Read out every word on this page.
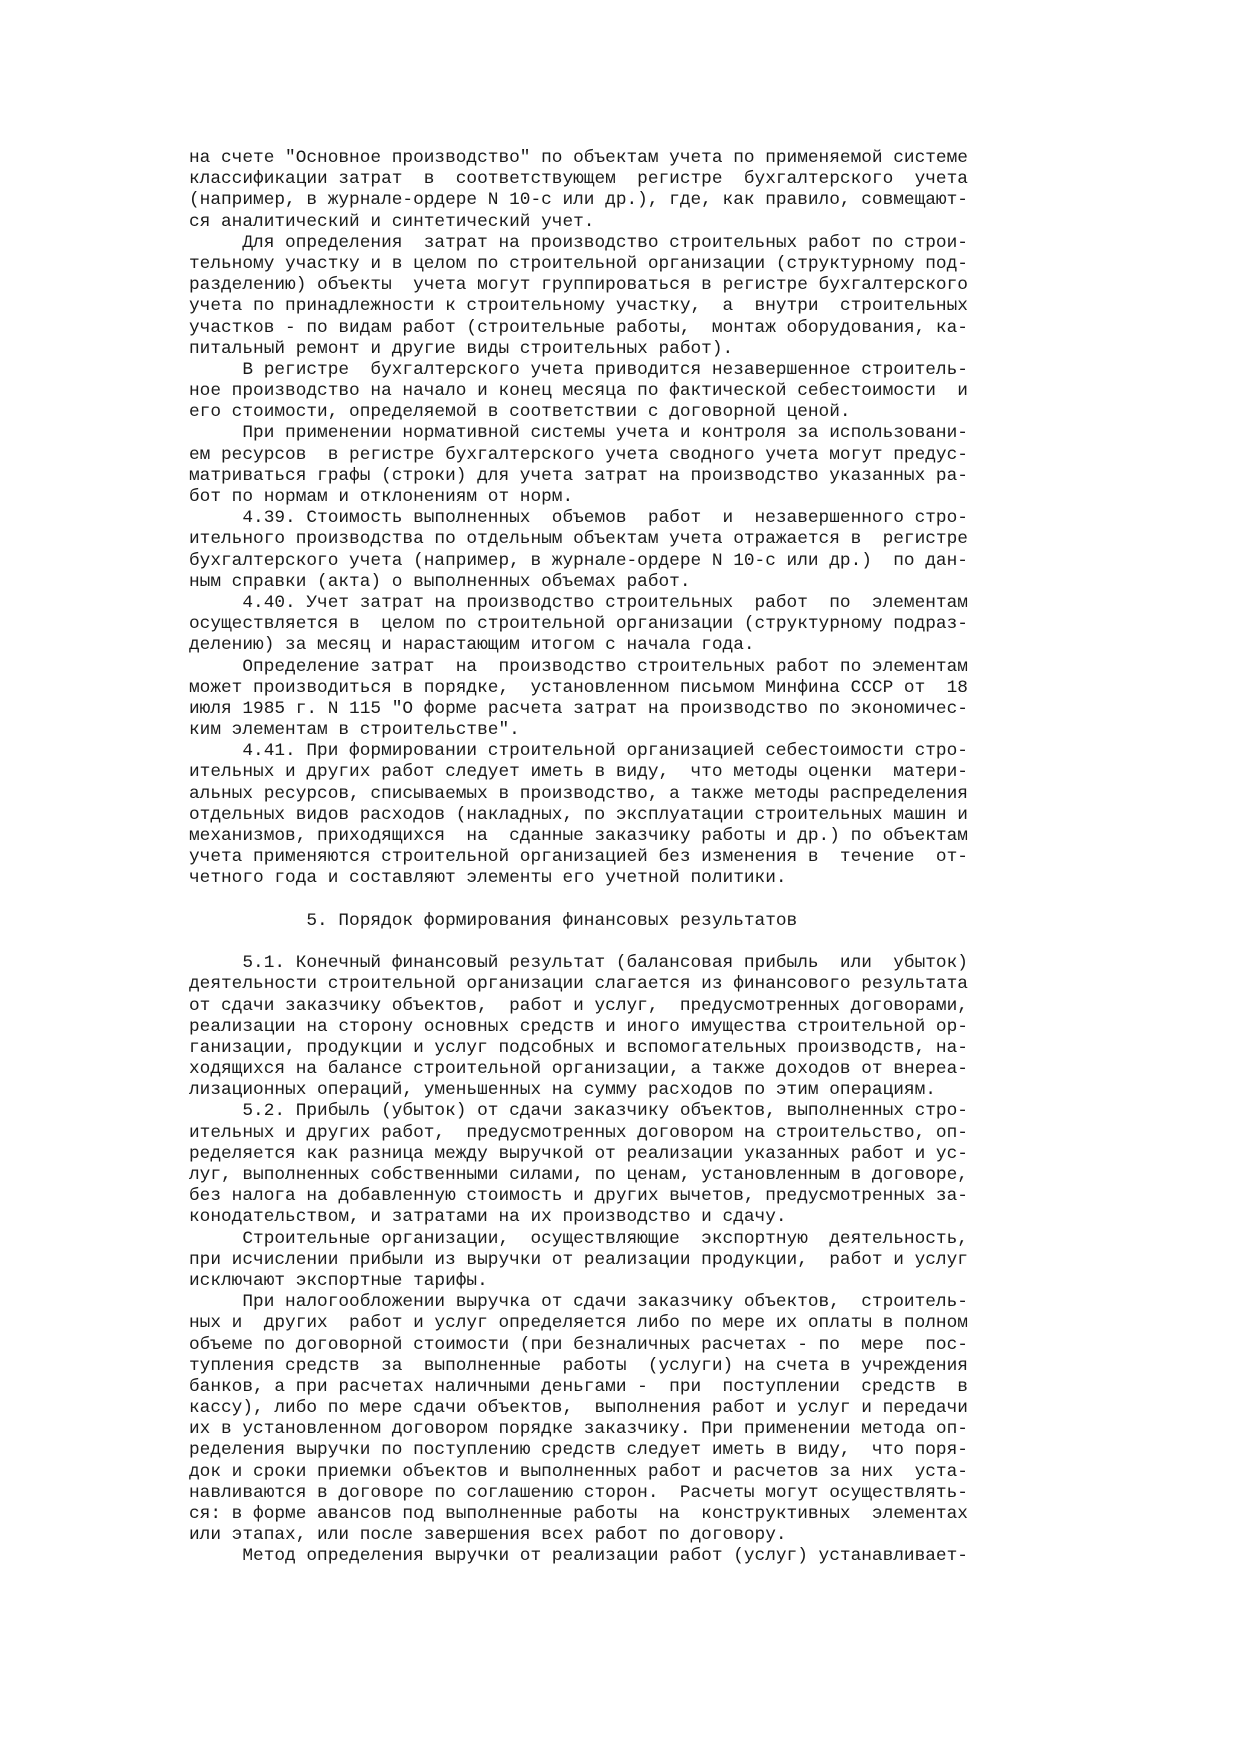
на счете "Основное производство" по объектам учета по применяемой системе
классификации затрат  в  соответствующем  регистре  бухгалтерского  учета
(например, в журнале-ордере N 10-с или др.), где, как правило, совмещают-
ся аналитический и синтетический учет.
Для определения  затрат на производство строительных работ по строи-
тельному участку и в целом по строительной организации (структурному под-
разделению) объекты  учета могут группироваться в регистре бухгалтерского
учета по принадлежности к строительному участку,  а  внутри  строительных
участков - по видам работ (строительные работы,  монтаж оборудования, ка-
питальный ремонт и другие виды строительных работ).
В регистре  бухгалтерского учета приводится незавершенное строитель-
ное производство на начало и конец месяца по фактической себестоимости  и
его стоимости, определяемой в соответствии с договорной ценой.
При применении нормативной системы учета и контроля за использовани-
ем ресурсов  в регистре бухгалтерского учета сводного учета могут предус-
матриваться графы (строки) для учета затрат на производство указанных ра-
бот по нормам и отклонениям от норм.
4.39. Стоимость выполненных  объемов  работ  и  незавершенного стро-
ительного производства по отдельным объектам учета отражается в  регистре
бухгалтерского учета (например, в журнале-ордере N 10-с или др.)  по дан-
ным справки (акта) о выполненных объемах работ.
4.40. Учет затрат на производство строительных  работ  по  элементам
осуществляется в  целом по строительной организации (структурному подраз-
делению) за месяц и нарастающим итогом с начала года.
Определение затрат  на  производство строительных работ по элементам
может производиться в порядке,  установленном письмом Минфина СССР от  18
июля 1985 г. N 115 "О форме расчета затрат на производство по экономичес-
ким элементам в строительстве".
4.41. При формировании строительной организацией себестоимости стро-
ительных и других работ следует иметь в виду,  что методы оценки  матери-
альных ресурсов, списываемых в производство, а также методы распределения
отдельных видов расходов (накладных, по эксплуатации строительных машин и
механизмов, приходящихся  на  сданные заказчику работы и др.) по объектам
учета применяются строительной организацией без изменения в  течение  от-
четного года и составляют элементы его учетной политики.
5. Порядок формирования финансовых результатов
5.1. Конечный финансовый результат (балансовая прибыль  или  убыток)
деятельности строительной организации слагается из финансового результата
от сдачи заказчику объектов,  работ и услуг,  предусмотренных договорами,
реализации на сторону основных средств и иного имущества строительной ор-
ганизации, продукции и услуг подсобных и вспомогательных производств, на-
ходящихся на балансе строительной организации, а также доходов от внереа-
лизационных операций, уменьшенных на сумму расходов по этим операциям.
5.2. Прибыль (убыток) от сдачи заказчику объектов, выполненных стро-
ительных и других работ,  предусмотренных договором на строительство, оп-
ределяется как разница между выручкой от реализации указанных работ и ус-
луг, выполненных собственными силами, по ценам, установленным в договоре,
без налога на добавленную стоимость и других вычетов, предусмотренных за-
конодательством, и затратами на их производство и сдачу.
Строительные организации,  осуществляющие  экспортную  деятельность,
при исчислении прибыли из выручки от реализации продукции,  работ и услуг
исключают экспортные тарифы.
При налогообложении выручка от сдачи заказчику объектов,  строитель-
ных и  других  работ и услуг определяется либо по мере их оплаты в полном
объеме по договорной стоимости (при безналичных расчетах - по  мере  пос-
тупления средств  за  выполненные  работы  (услуги) на счета в учреждения
банков, а при расчетах наличными деньгами -  при  поступлении  средств  в
кассу), либо по мере сдачи объектов,  выполнения работ и услуг и передачи
их в установленном договором порядке заказчику. При применении метода оп-
ределения выручки по поступлению средств следует иметь в виду,  что поря-
док и сроки приемки объектов и выполненных работ и расчетов за них  уста-
навливаются в договоре по соглашению сторон.  Расчеты могут осуществлять-
ся: в форме авансов под выполненные работы  на  конструктивных  элементах
или этапах, или после завершения всех работ по договору.
Метод определения выручки от реализации работ (услуг) устанавливает-
